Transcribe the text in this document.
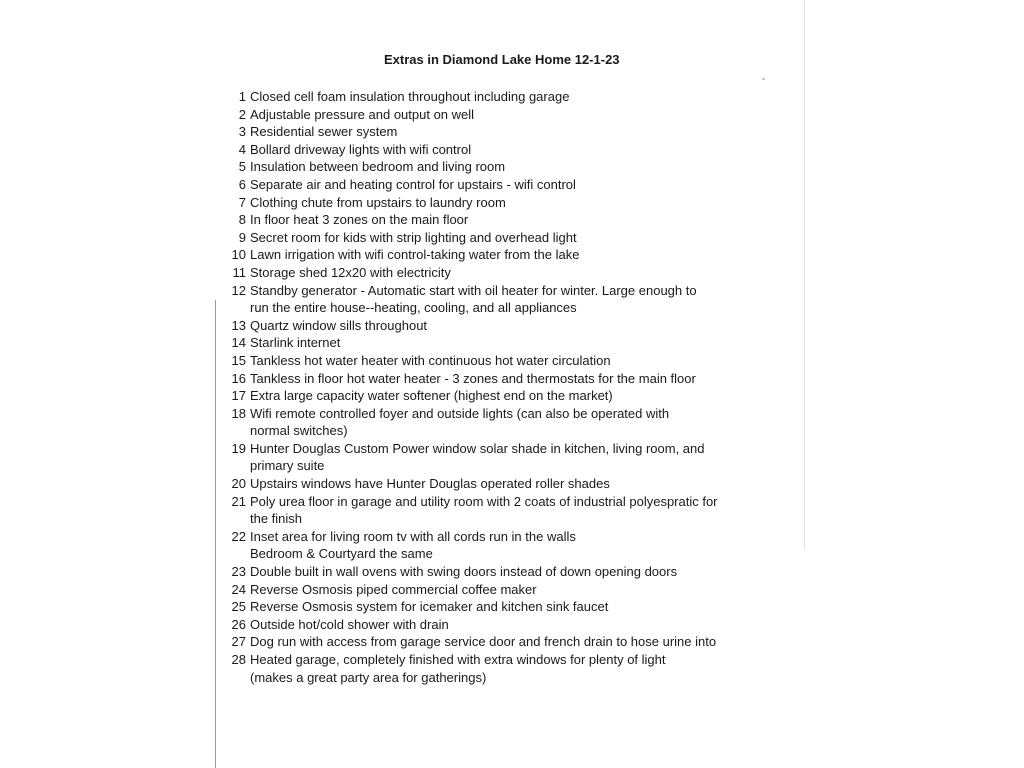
Extras in Diamond Lake Home 12-1-23
1 Closed cell foam insulation throughout including garage
2 Adjustable pressure and output on well
3 Residential sewer system
4 Bollard driveway lights with wifi control
5 Insulation between bedroom and living room
6 Separate air and heating control for upstairs - wifi control
7 Clothing chute from upstairs to laundry room
8 In floor heat 3 zones on the main floor
9 Secret room for kids with strip lighting and overhead light
10 Lawn irrigation with wifi control-taking water from the lake
11 Storage shed 12x20 with electricity
12 Standby generator - Automatic start with oil heater for winter. Large enough to
run the entire house--heating, cooling, and all appliances
13 Quartz window sills throughout
14 Starlink internet
15 Tankless hot water heater with continuous hot water circulation
16 Tankless in floor hot water heater - 3 zones and thermostats for the main floor
17 Extra large capacity water softener (highest end on the market)
18 Wifi remote controlled foyer and outside lights (can also be operated with
normal switches)
19 Hunter Douglas Custom Power window solar shade in kitchen, living room, and
primary suite
20 Upstairs windows have Hunter Douglas operated roller shades
21 Poly urea floor in garage and utility room with 2 coats of industrial polyespratic for
the finish
22 Inset area for living room tv with all cords run in the walls
Bedroom & Courtyard the same
23 Double built in wall ovens with swing doors instead of down opening doors
24 Reverse Osmosis piped commercial coffee maker
25 Reverse Osmosis system for icemaker and kitchen sink faucet
26 Outside hot/cold shower with drain
27 Dog run with access from garage service door and french drain to hose urine into
28 Heated garage, completely finished with extra windows for plenty of light
(makes a great party area for gatherings)
